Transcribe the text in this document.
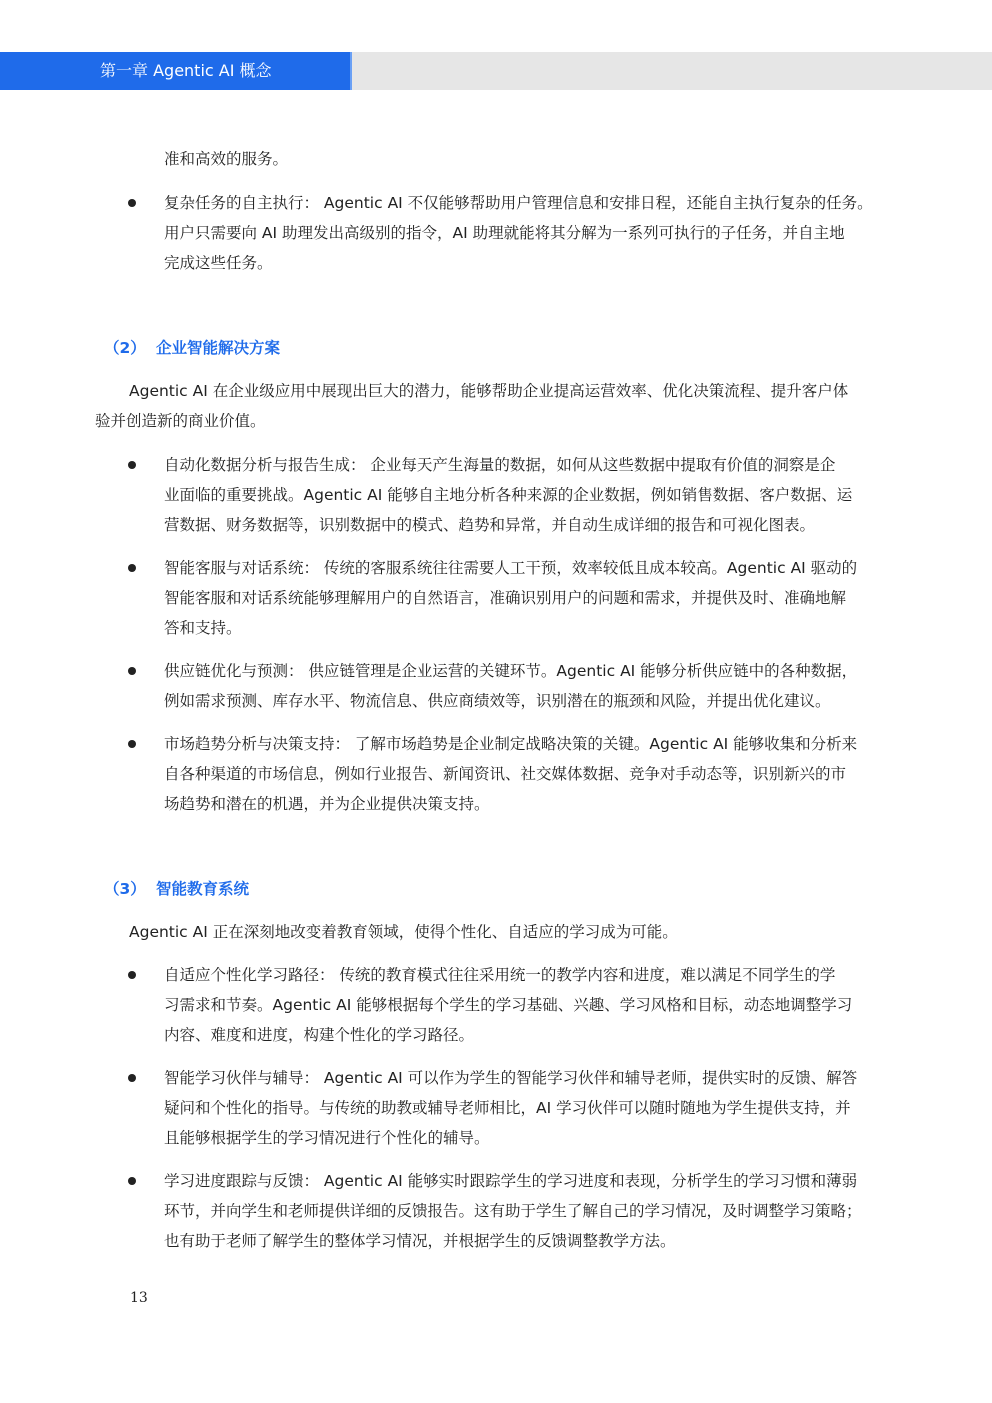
第一章 Agentic AI 概念
准和高效的服务。
复杂任务的自主执行： Agentic AI 不仅能够帮助用户管理信息和安排日程，还能自主执行复杂的任务。
用户只需要向 AI 助理发出高级别的指令，AI 助理就能将其分解为一系列可执行的子任务，并自主地
完成这些任务。
（2） 企业智能解决方案
Agentic AI 在企业级应用中展现出巨大的潜力，能够帮助企业提高运营效率、优化决策流程、提升客户体
验并创造新的商业价值。
自动化数据分析与报告生成： 企业每天产生海量的数据，如何从这些数据中提取有价值的洞察是企
业面临的重要挑战。Agentic AI 能够自主地分析各种来源的企业数据，例如销售数据、客户数据、运
营数据、财务数据等，识别数据中的模式、趋势和异常，并自动生成详细的报告和可视化图表。
智能客服与对话系统： 传统的客服系统往往需要人工干预，效率较低且成本较高。Agentic AI 驱动的
智能客服和对话系统能够理解用户的自然语言，准确识别用户的问题和需求，并提供及时、准确地解
答和支持。
供应链优化与预测： 供应链管理是企业运营的关键环节。Agentic AI 能够分析供应链中的各种数据，
例如需求预测、库存水平、物流信息、供应商绩效等，识别潜在的瓶颈和风险，并提出优化建议。
市场趋势分析与决策支持： 了解市场趋势是企业制定战略决策的关键。Agentic AI 能够收集和分析来
自各种渠道的市场信息，例如行业报告、新闻资讯、社交媒体数据、竞争对手动态等，识别新兴的市
场趋势和潜在的机遇，并为企业提供决策支持。
（3） 智能教育系统
Agentic AI 正在深刻地改变着教育领域，使得个性化、自适应的学习成为可能。
自适应个性化学习路径： 传统的教育模式往往采用统一的教学内容和进度，难以满足不同学生的学
习需求和节奏。Agentic AI 能够根据每个学生的学习基础、兴趣、学习风格和目标，动态地调整学习
内容、难度和进度，构建个性化的学习路径。
智能学习伙伴与辅导： Agentic AI 可以作为学生的智能学习伙伴和辅导老师，提供实时的反馈、解答
疑问和个性化的指导。与传统的助教或辅导老师相比，AI 学习伙伴可以随时随地为学生提供支持，并
且能够根据学生的学习情况进行个性化的辅导。
学习进度跟踪与反馈： Agentic AI 能够实时跟踪学生的学习进度和表现，分析学生的学习习惯和薄弱
环节，并向学生和老师提供详细的反馈报告。这有助于学生了解自己的学习情况，及时调整学习策略；
也有助于老师了解学生的整体学习情况，并根据学生的反馈调整教学方法。
13
